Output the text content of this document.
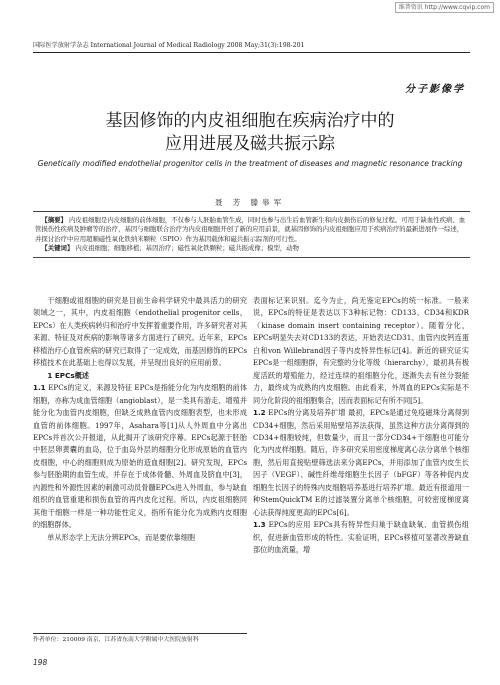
维普资讯 http://www.cqvip.com
国际医学放射学杂志 International Journal of Medical Radiology 2008 May;31(3):198-201
分子影像学
基因修饰的内皮祖细胞在疾病治疗中的
应用进展及磁共振示踪
Genetically modified endothelial progenitor cells in the treatment of diseases and magnetic resonance tracking
聂 芳 滕皋军

【摘要】 内皮祖细胞是内皮细胞的前体细胞，不仅参与人胚胎血管生成，同时也参与出生后血管新生和内皮损伤后的修复过程。可用于缺血性疾病、血管损伤性疾病及肿瘤等的治疗，基因与细胞联合治疗为内皮祖细胞开创了新的应用前景，就基因修饰的内皮祖细胞应用于疾病治疗的最新进展作一综述，并探讨治疗中应用超顺磁性氧化铁纳米颗粒（SPIO）作为基因载体和磁共振示踪剂的可行性。

【关键词】 内皮祖细胞；细胞移植；基因治疗；磁性氧化铁颗粒；磁共振成像；模型，动物

干细胞或祖细胞的研究是目前生命科学研究中最具活力的研究领域之一，其中，内皮祖细胞（endothelial progenitor cells，EPCs）在人类疾病转归和治疗中发挥着重要作用，许多研究者对其来源、特征及对疾病的影响等诸多方面进行了研究。近年来，EPCs移植治疗心血管疾病的研究已取得了一定成效，而基因修饰的EPCs移植技术在此基础上也得以发展，并呈现出良好的应用前景。

1 EPCs概述

1.1 EPCs的定义、来源及特征 EPCs是指能分化为内皮细胞的前体细胞，亦称为成血管细胞（angioblast），是一类具有游走、增殖并能分化为血管内皮细胞，但缺乏成熟血管内皮细胞表型，也未形成血管的前体细胞。1997年，Asahara等[1]从人外周血中分离出EPCs并首次公开报道，从此揭开了该研究序幕。EPCs起源于胚胎中胚层卵黄囊的血岛，位于血岛外层的细胞分化形成原始的血管内皮细胞，中心的细胞则成为原始的造血细胞[2]。研究发现，EPCs参与胚胎期的血管生成，并存在于成体骨髓、外周血及脐血中[3]，内源性和外源性因素的刺激可动员骨髓EPCs进入外周血，参与缺血组织的血管重建和损伤血管的再内皮化过程。所以，内皮祖细胞同其他干细胞一样是一种功能性定义，指所有能分化为成熟内皮细胞的细胞群体。

单从形态学上无法分辨EPCs，而是要依靠细胞

表面标记来识别。迄今为止，尚无鉴定EPCs的统一标准。一般来说，EPCs的特征是表达以下3种标记物：CD133、CD34和KDR（kinase domain insert containing receptor）。随着分化，EPCs明显失去对CD133的表达，开始表达CD31、血管内皮钙连蛋白和von Willebrand因子等内皮特异性标记[4]。新近的研究证实EPCs是一组细胞群，有完整的分化等级（hierarchy），最初具有极度活跃的增殖能力，经过连续的祖细胞分化，逐渐失去有丝分裂能力，最终成为成熟的内皮细胞。由此看来，外周血的EPCs实际是不同分化阶段的祖细胞集合，因而表面标记有所不同[5]。

1.2 EPCs的分离及培养扩增 最初，EPCs是通过免疫磁珠分离得到CD34+细胞，然后采用贴壁培养法获得，虽然这种方法分离得到的CD34+细胞较纯，但数量少，而且一部分CD34+干细胞也可能分化为内皮样细胞。随后，许多研究采用密度梯度离心法分离单个核细胞，然后用直接贴壁筛选法来分离EPCs，并用添加了血管内皮生长因子（VEGF）、碱性纤维母细胞生长因子（bFGF）等各种促内皮细胞生长因子的特殊内皮细胞培养基进行培养扩增。最近有报道用一种StemQuickTM E的过滤装置分离单个核细胞，可较密度梯度离心法获得纯度更高的EPCs[6]。

1.3 EPCs的应用 EPCs具有特异性归巢于缺血缺氧、血管损伤组织，促进新血管形成的特性。实验证明，EPCs移植可显著改善缺血部位的血流量，增

作者单位：210009 南京，江苏省东南大学附属中大医院放射科
198
